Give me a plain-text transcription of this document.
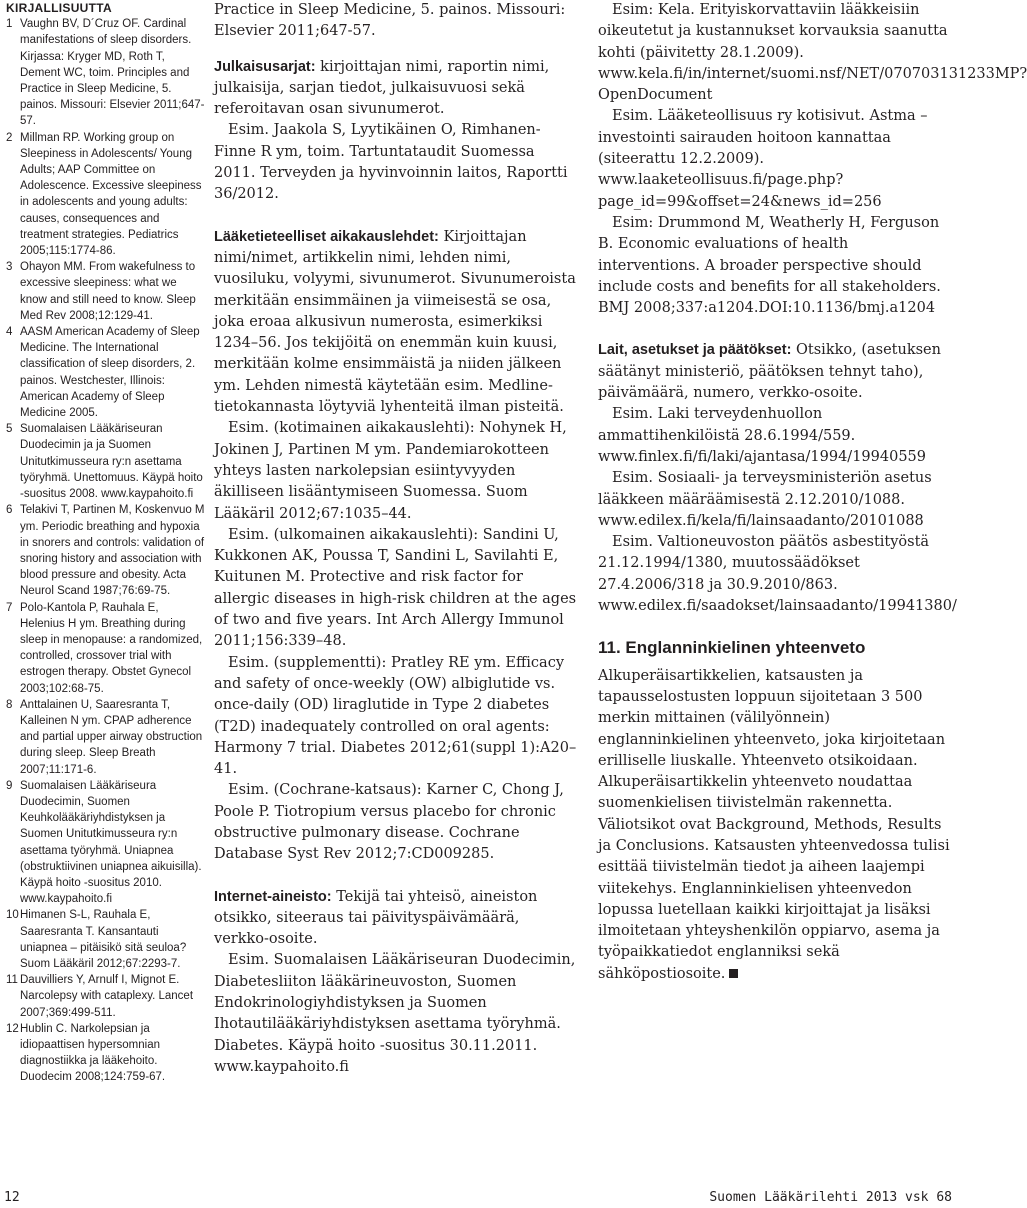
KIRJALLISUUTTA
1 Vaughn BV, D´Cruz OF. Cardinal manifestations of sleep disorders. Kirjassa: Kryger MD, Roth T, Dement WC, toim. Principles and Practice in Sleep Medicine, 5. painos. Missouri: Elsevier 2011;647-57.
2 Millman RP. Working group on Sleepiness in Adolescents/ Young Adults; AAP Committee on Adolescence. Excessive sleepiness in adolescents and young adults: causes, consequences and treatment strategies. Pediatrics 2005;115:1774-86.
3 Ohayon MM. From wakefulness to excessive sleepiness: what we know and still need to know. Sleep Med Rev 2008;12:129-41.
4 AASM American Academy of Sleep Medicine. The International classification of sleep disorders, 2. painos. Westchester, Illinois: American Academy of Sleep Medicine 2005.
5 Suomalaisen Lääkäriseuran Duodecimin ja ja Suomen Unitutkimusseura ry:n asettama työryhmä. Unettomuus. Käypä hoito -suositus 2008. www.kaypahoito.fi
6 Telakivi T, Partinen M, Koskenvuo M ym. Periodic breathing and hypoxia in snorers and controls: validation of snoring history and association with blood pressure and obesity. Acta Neurol Scand 1987;76:69-75.
7 Polo-Kantola P, Rauhala E, Helenius H ym. Breathing during sleep in menopause: a randomized, controlled, crossover trial with estrogen therapy. Obstet Gynecol 2003;102:68-75.
8 Anttalainen U, Saaresranta T, Kalleinen N ym. CPAP adherence and partial upper airway obstruction during sleep. Sleep Breath 2007;11:171-6.
9 Suomalaisen Lääkäriseura Duodecimin, Suomen Keuhkolääkäriyhdistyksen ja Suomen Unitutkimusseura ry:n asettama työryhmä. Uniapnea (obstruktiivinen uniapnea aikuisilla). Käypä hoito -suositus 2010. www.kaypahoito.fi
10 Himanen S-L, Rauhala E, Saaresranta T. Kansantauti uniapnea – pitäisikö sitä seuloa? Suom Lääkäril 2012;67:2293-7.
11 Dauvilliers Y, Arnulf I, Mignot E. Narcolepsy with cataplexy. Lancet 2007;369:499-511.
12 Hublin C. Narkolepsian ja idiopaattisen hypersomnian diagnostiikka ja lääkehoito. Duodecim 2008;124:759-67.

Practice in Sleep Medicine, 5. painos. Missouri: Elsevier 2011;647-57.

Julkaisusarjat: kirjoittajan nimi, raportin nimi, julkaisija, sarjan tiedot, julkaisuvuosi sekä referoitavan osan sivunumerot.

Esim. Jaakola S, Lyytikäinen O, Rimhanen-Finne R ym, toim. Tartuntataudit Suomessa 2011. Terveyden ja hyvinvoinnin laitos, Raportti 36/2012.

Lääketieteelliset aikakauslehdet: Kirjoittajan nimi/nimet, artikkelin nimi, lehden nimi, vuosiluku, volyymi, sivunumerot. Sivunumeroista merkitään ensimmäinen ja viimeisestä se osa, joka eroaa alkusivun numerosta, esimerkiksi 1234–56. Jos tekijöitä on enemmän kuin kuusi, merkitään kolme ensimmäistä ja niiden jälkeen ym. Lehden nimestä käytetään esim. Medline-tietokannasta löytyviä lyhenteitä ilman pisteitä.

Esim. (kotimainen aikakauslehti): Nohynek H, Jokinen J, Partinen M ym. Pandemiarokotteen yhteys lasten narkolepsian esiintyvyyden äkilliseen lisääntymiseen Suomessa. Suom Lääkäril 2012;67:1035–44.

Esim. (ulkomainen aikakauslehti): Sandini U, Kukkonen AK, Poussa T, Sandini L, Savilahti E, Kuitunen M. Protective and risk factor for allergic diseases in high-risk children at the ages of two and five years. Int Arch Allergy Immunol 2011;156:339–48.

Esim. (supplementti): Pratley RE ym. Efficacy and safety of once-weekly (OW) albiglutide vs. once-daily (OD) liraglutide in Type 2 diabetes (T2D) inadequately controlled on oral agents: Harmony 7 trial. Diabetes 2012;61(suppl 1):A20–41.

Esim. (Cochrane-katsaus): Karner C, Chong J, Poole P. Tiotropium versus placebo for chronic obstructive pulmonary disease. Cochrane Database Syst Rev 2012;7:CD009285.

Internet-aineisto: Tekijä tai yhteisö, aineiston otsikko, siteeraus tai päivityspäivämäärä, verkko-osoite.

Esim. Suomalaisen Lääkäriseuran Duodecimin, Diabetesliiton lääkärineuvoston, Suomen Endokrinologiyhdistyksen ja Suomen Ihotautilääkäriyhdistyksen asettama työryhmä. Diabetes. Käypä hoito -suositus 30.11.2011. www.kaypahoito.fi

Esim: Kela. Erityiskorvattaviin lääkkeisiin oikeutetut ja kustannukset korvauksia saanutta kohti (päivitetty 28.1.2009). www.kela.fi/in/internet/suomi.nsf/NET/070703131233MP?OpenDocument

Esim. Lääketeollisuus ry kotisivut. Astma – investointi sairauden hoitoon kannattaa (siteerattu 12.2.2009). www.laaketeollisuus.fi/page.php?page_id=99&offset=24&news_id=256

Esim: Drummond M, Weatherly H, Ferguson B. Economic evaluations of health interventions. A broader perspective should include costs and benefits for all stakeholders. BMJ 2008;337:a1204.DOI:10.1136/bmj.a1204

Lait, asetukset ja päätökset: Otsikko, (asetuksen säätänyt ministeriö, päätöksen tehnyt taho), päivämäärä, numero, verkko-osoite.

Esim. Laki terveydenhuollon ammattihenkilöistä 28.6.1994/559. www.finlex.fi/fi/laki/ajantasa/1994/19940559

Esim. Sosiaali- ja terveysministeriön asetus lääkkeen määräämisestä 2.12.2010/1088. www.edilex.fi/kela/fi/lainsaadanto/20101088

Esim. Valtioneuvoston päätös asbestityöstä 21.12.1994/1380, muutossäädökset 27.4.2006/318 ja 30.9.2010/863. www.edilex.fi/saadokset/lainsaadanto/19941380/

11. Englanninkielinen yhteenveto

Alkuperäisartikkelien, katsausten ja tapausselostusten loppuun sijoitetaan 3 500 merkin mittainen (välilyönnein) englanninkielinen yhteenveto, joka kirjoitetaan erilliselle liuskalle. Yhteenveto otsikoidaan. Alkuperäisartikkelin yhteenveto noudattaa suomenkielisen tiivistelmän rakennetta. Väliotsikot ovat Background, Methods, Results ja Conclusions. Katsausten yhteenvedossa tulisi esittää tiivistelmän tiedot ja aiheen laajempi viitekehys. Englanninkielisen yhteenvedon lopussa luetellaan kaikki kirjoittajat ja lisäksi ilmoitetaan yhteyshenkilön oppiarvo, asema ja työpaikkatiedot englanniksi sekä sähköpostiosoite.

12	Suomen Lääkärilehti 2013 vsk 68
